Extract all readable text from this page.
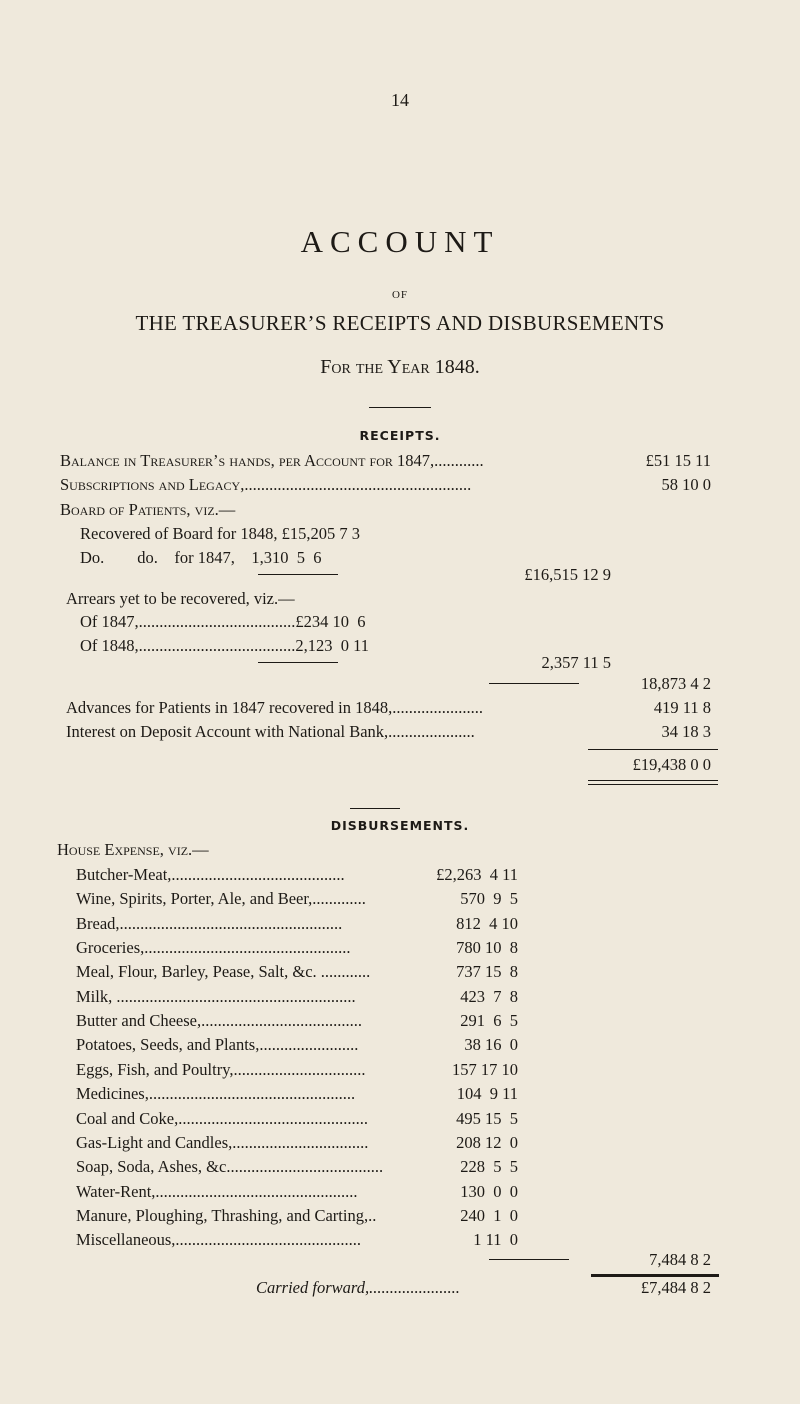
14
ACCOUNT
OF
THE TREASURER’S RECEIPTS AND DISBURSEMENTS
For the Year 1848.
RECEIPTS.
Balance in Treasurer’s hands, per Account for 1847,............	£51 15 11
Subscriptions and Legacy,.......................................................	58 10 0
Board of Patients, viz.—
Recovered of Board for 1848, £15,205 7 3
Do.        do.    for 1847,    1,310  5  6
£16,515 12 9
Arrears yet to be recovered, viz.—
Of 1847,......................................£234 10  6
Of 1848,......................................2,123  0 11
2,357 11 5
18,873 4 2
Advances for Patients in 1847 recovered in 1848,......................	419 11 8
Interest on Deposit Account with National Bank,.....................	34 18 3
£19,438 0 0
DISBURSEMENTS.
House Expense, viz.—
Butcher-Meat,..........................................	£2,263  4 11
Wine, Spirits, Porter, Ale, and Beer,.............	570  9  5
Bread,......................................................	812  4 10
Groceries,..................................................	780 10  8
Meal, Flour, Barley, Pease, Salt, &c. ............	737 15  8
Milk, ..........................................................	423  7  8
Butter and Cheese,.......................................	291  6  5
Potatoes, Seeds, and Plants,........................	38 16  0
Eggs, Fish, and Poultry,................................	157 17 10
Medicines,..................................................	104  9 11
Coal and Coke,..............................................	495 15  5
Gas-Light and Candles,.................................	208 12  0
Soap, Soda, Ashes, &c......................................	228  5  5
Water-Rent,.................................................	130  0  0
Manure, Ploughing, Thrashing, and Carting,..	240  1  0
Miscellaneous,.............................................	1 11  0
7,484 8 2
Carried forward,......................	£7,484 8 2
